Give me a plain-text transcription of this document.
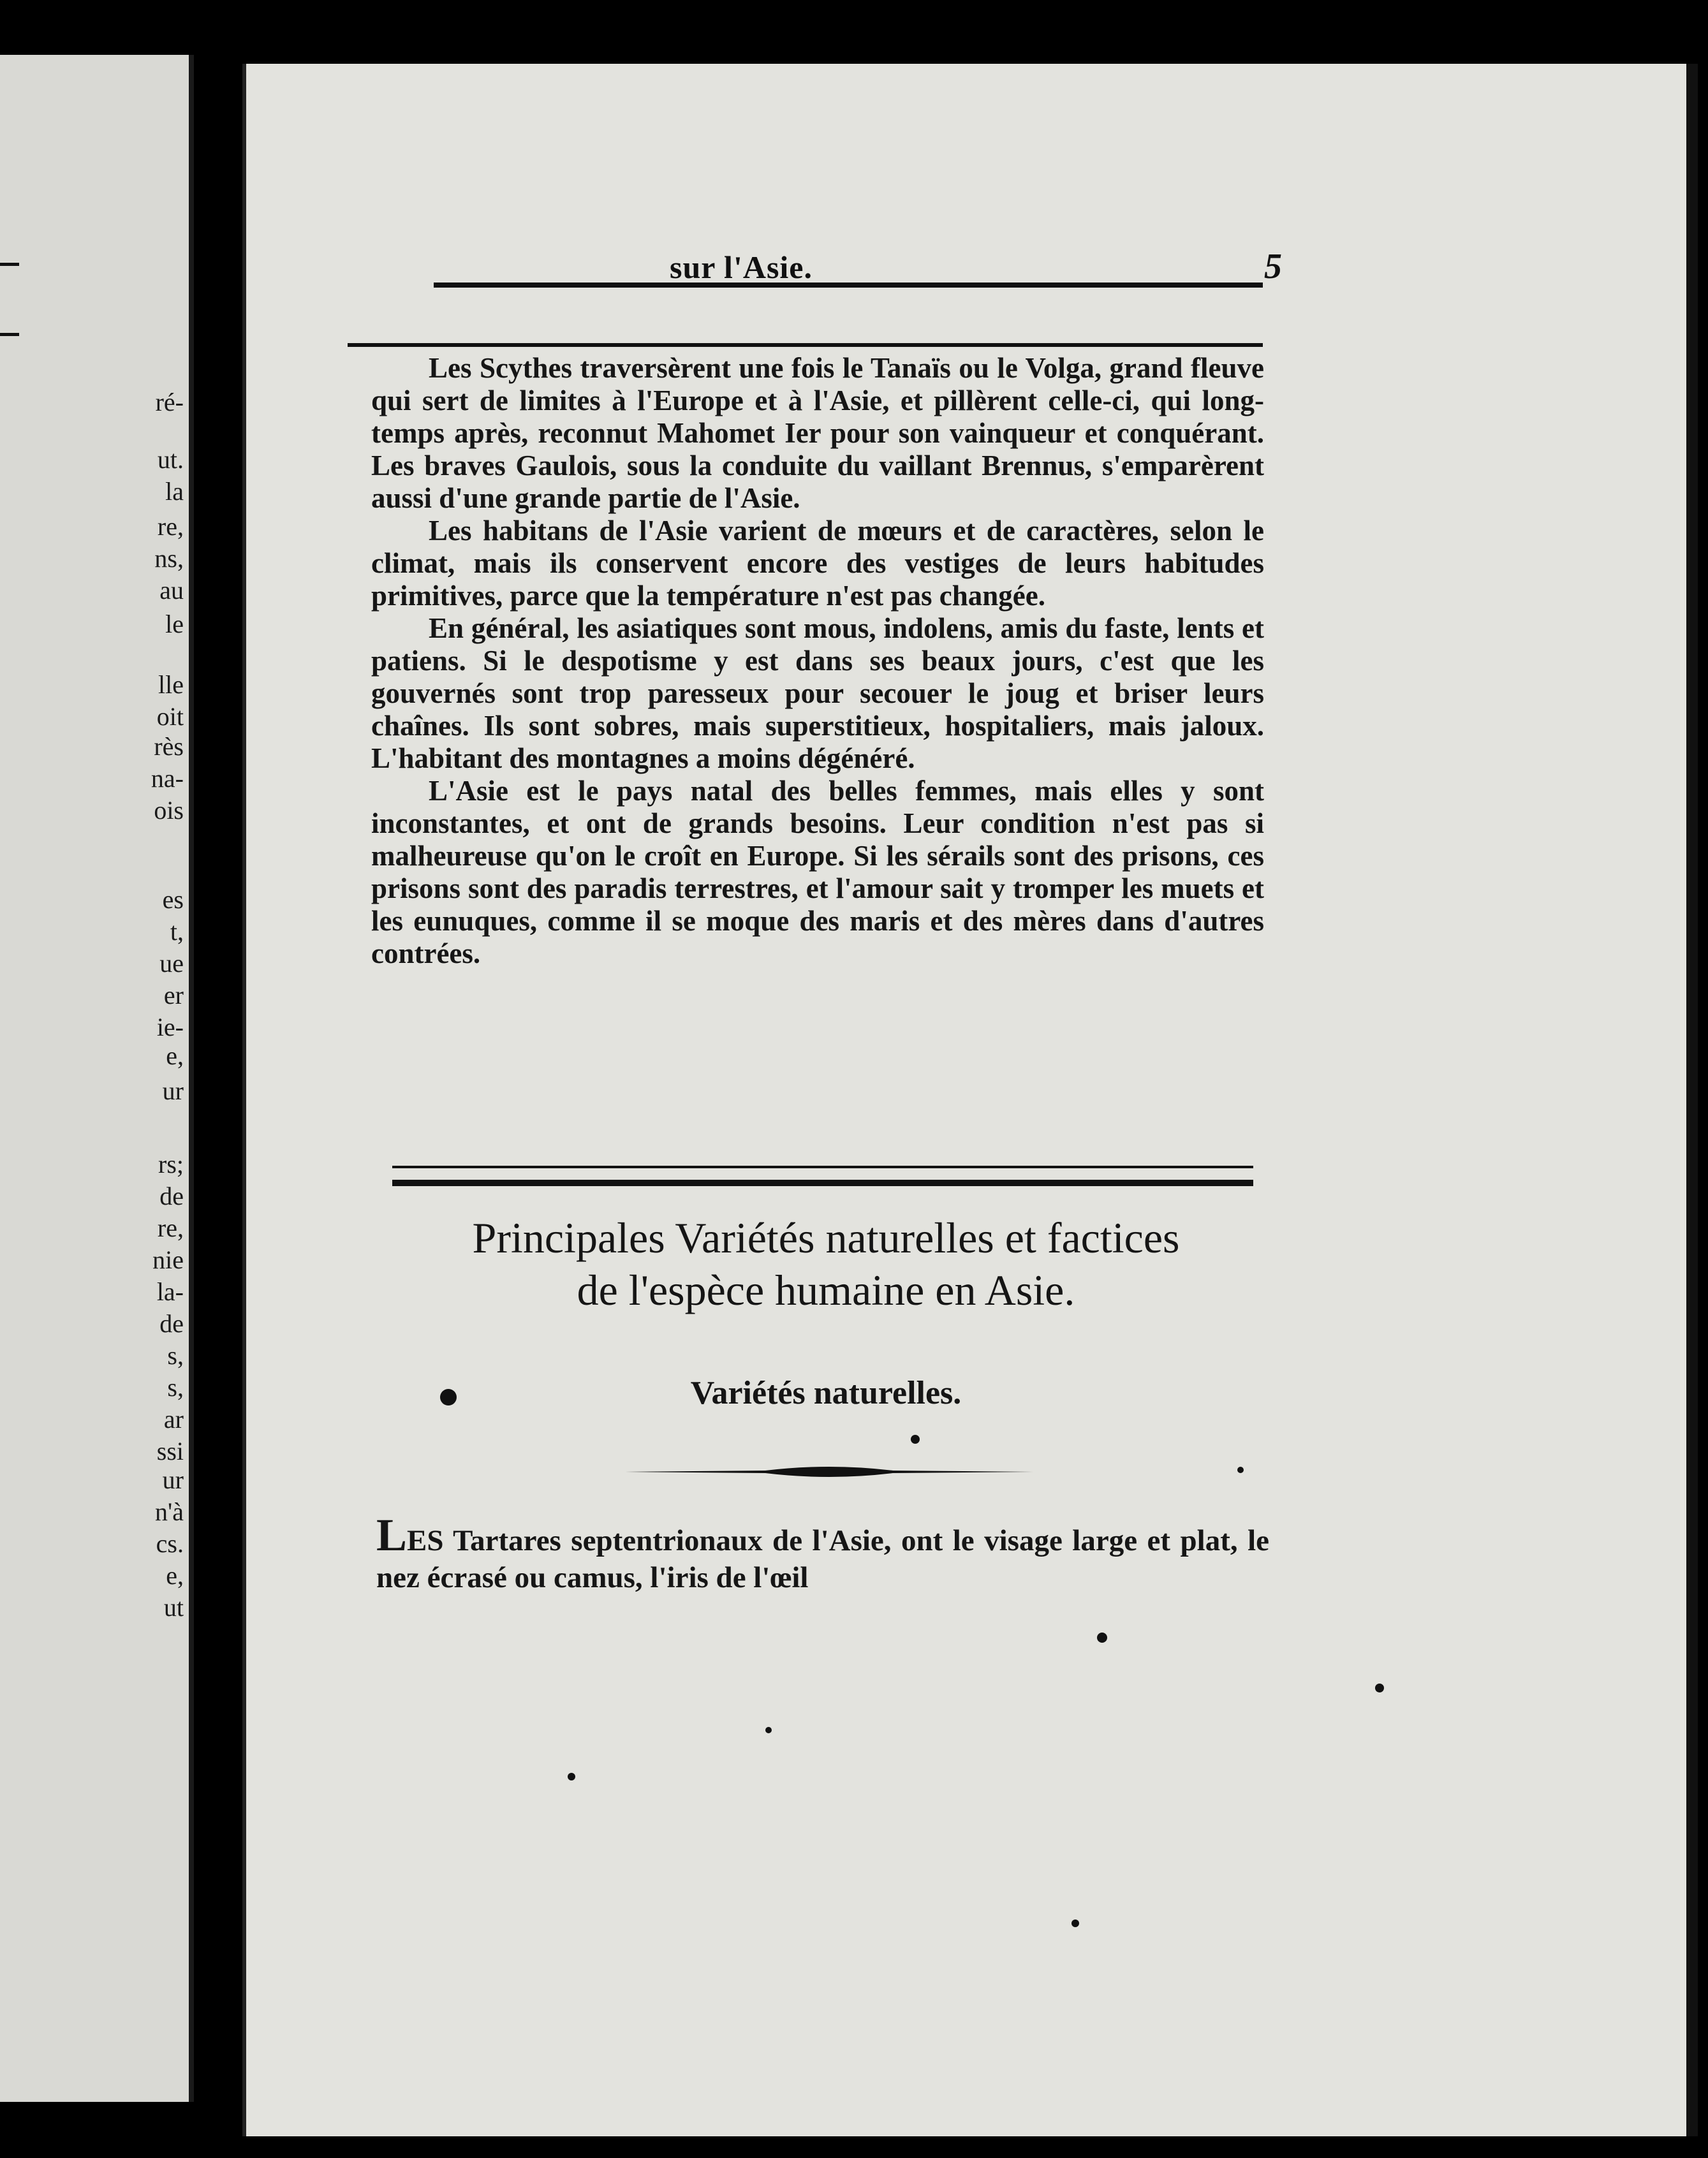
ré-
ut.
la
re,
ns,
au
le
lle
oit
rès
na-
ois
es
t,
ue
er
ie-
e,
ur
rs;
de
re,
nie
la-
de
s,
s,
ar
ssi
ur
n'à
cs.
e,
ut
sur l'Asie.	5

Les Scythes traversèrent une fois le Tanaïs ou le Volga, grand fleuve qui sert de limites à l'Europe et à l'Asie, et pillèrent celle-ci, qui long-temps après, reconnut Mahomet Ier pour son vainqueur et conquérant. Les braves Gaulois, sous la conduite du vaillant Brennus, s'emparèrent aussi d'une grande partie de l'Asie.

Les habitans de l'Asie varient de mœurs et de caractères, selon le climat, mais ils conservent encore des vestiges de leurs habitudes primitives, parce que la température n'est pas changée.

En général, les asiatiques sont mous, indolens, amis du faste, lents et patiens. Si le despotisme y est dans ses beaux jours, c'est que les gouvernés sont trop paresseux pour secouer le joug et briser leurs chaînes. Ils sont sobres, mais superstitieux, hospitaliers, mais jaloux. L'habitant des montagnes a moins dégénéré.

L'Asie est le pays natal des belles femmes, mais elles y sont inconstantes, et ont de grands besoins. Leur condition n'est pas si malheureuse qu'on le croît en Europe. Si les sérails sont des prisons, ces prisons sont des paradis terrestres, et l'amour sait y tromper les muets et les eunuques, comme il se moque des maris et des mères dans d'autres contrées.

Principales Variétés naturelles et factices
de l'espèce humaine en Asie.
Variétés naturelles.
LES Tartares septentrionaux de l'Asie, ont le visage large et plat, le nez écrasé ou camus, l'iris de l'œil
